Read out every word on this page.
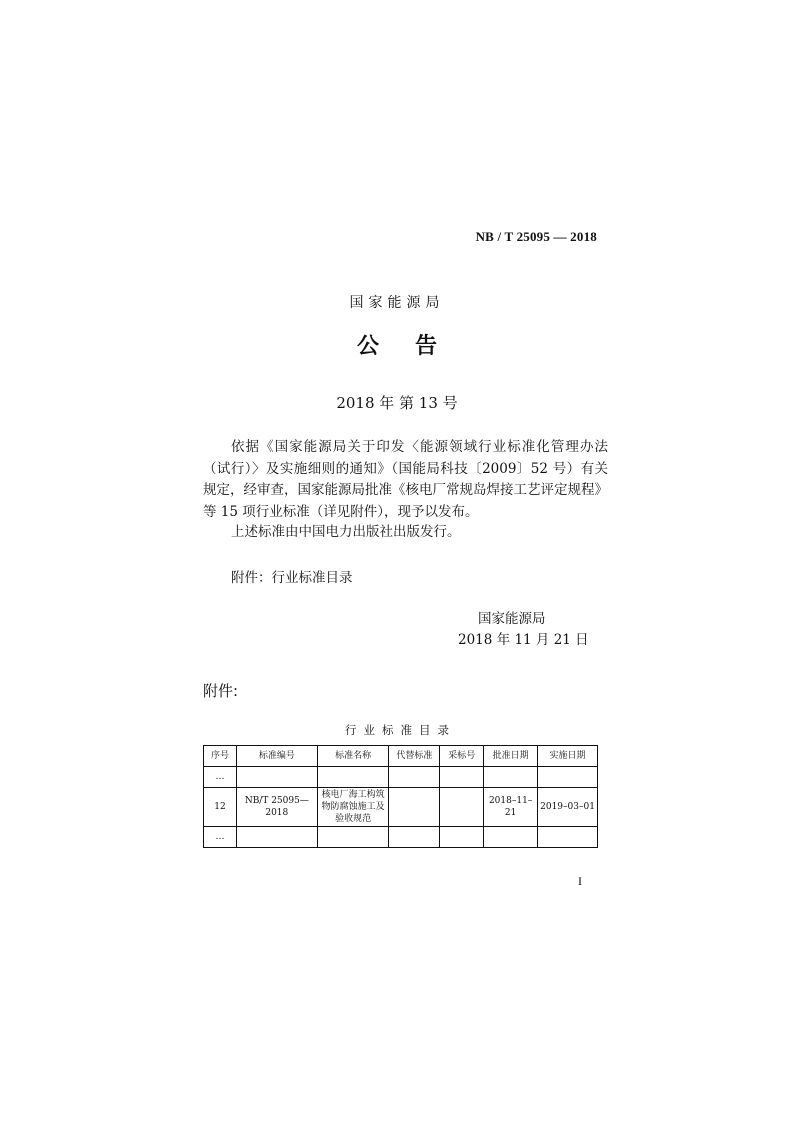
NB / T 25095 — 2018
国家能源局
公告
2018 年 第 13 号
依据《国家能源局关于印发〈能源领域行业标准化管理办法（试行）〉及实施细则的通知》（国能局科技〔2009〕52 号）有关规定，经审查，国家能源局批准《核电厂常规岛焊接工艺评定规程》等 15 项行业标准（详见附件），现予以发布。
上述标准由中国电力出版社出版发行。
附件：行业标准目录
国家能源局
2018 年 11 月 21 日
附件:
行业标准目录
序号	标准编号	标准名称	代替标准	采标号	批准日期	实施日期
…						
12	NB/T 25095—2018	核电厂海工构筑物防腐蚀施工及验收规范			2018–11–21	2019–03–01
…						
I
